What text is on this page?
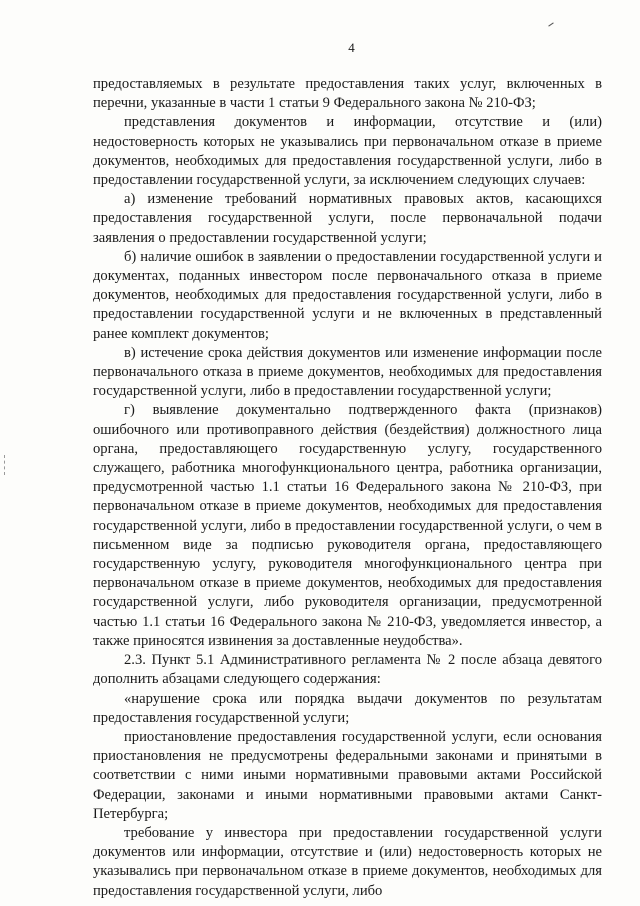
4

предоставляемых в результате предоставления таких услуг, включенных в перечни, указанные в части 1 статьи 9 Федерального закона № 210-ФЗ;

представления документов и информации, отсутствие и (или) недостоверность которых не указывались при первоначальном отказе в приеме документов, необходимых для предоставления государственной услуги, либо в предоставлении государственной услуги, за исключением следующих случаев:

а) изменение требований нормативных правовых актов, касающихся предоставления государственной услуги, после первоначальной подачи заявления о предоставлении государственной услуги;

б) наличие ошибок в заявлении о предоставлении государственной услуги и документах, поданных инвестором после первоначального отказа в приеме документов, необходимых для предоставления государственной услуги, либо в предоставлении государственной услуги и не включенных в представленный ранее комплект документов;

в) истечение срока действия документов или изменение информации после первоначального отказа в приеме документов, необходимых для предоставления государственной услуги, либо в предоставлении государственной услуги;

г) выявление документально подтвержденного факта (признаков) ошибочного или противоправного действия (бездействия) должностного лица органа, предоставляющего государственную услугу, государственного служащего, работника многофункционального центра, работника организации, предусмотренной частью 1.1 статьи 16 Федерального закона № 210-ФЗ, при первоначальном отказе в приеме документов, необходимых для предоставления государственной услуги, либо в предоставлении государственной услуги, о чем в письменном виде за подписью руководителя органа, предоставляющего государственную услугу, руководителя многофункционального центра при первоначальном отказе в приеме документов, необходимых для предоставления государственной услуги, либо руководителя организации, предусмотренной частью 1.1 статьи 16 Федерального закона № 210-ФЗ, уведомляется инвестор, а также приносятся извинения за доставленные неудобства».

2.3. Пункт 5.1 Административного регламента № 2 после абзаца девятого дополнить абзацами следующего содержания:

«нарушение срока или порядка выдачи документов по результатам предоставления государственной услуги;

приостановление предоставления государственной услуги, если основания приостановления не предусмотрены федеральными законами и принятыми в соответствии с ними иными нормативными правовыми актами Российской Федерации, законами и иными нормативными правовыми актами Санкт-Петербурга;

требование у инвестора при предоставлении государственной услуги документов или информации, отсутствие и (или) недостоверность которых не указывались при первоначальном отказе в приеме документов, необходимых для предоставления государственной услуги, либо
